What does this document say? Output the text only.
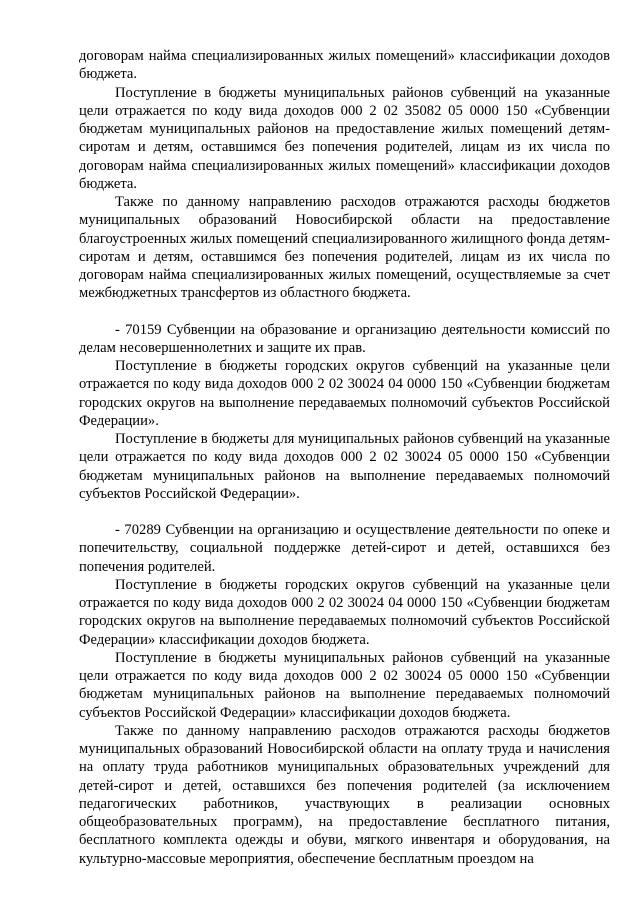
договорам найма специализированных жилых помещений» классификации доходов бюджета.

Поступление в бюджеты муниципальных районов субвенций на указанные цели отражается по коду вида доходов 000 2 02 35082 05 0000 150 «Субвенции бюджетам муниципальных районов на предоставление жилых помещений детям-сиротам и детям, оставшимся без попечения родителей, лицам из их числа по договорам найма специализированных жилых помещений» классификации доходов бюджета.

Также по данному направлению расходов отражаются расходы бюджетов муниципальных образований Новосибирской области на предоставление благоустроенных жилых помещений специализированного жилищного фонда детям-сиротам и детям, оставшимся без попечения родителей, лицам из их числа по договорам найма специализированных жилых помещений, осуществляемые за счет межбюджетных трансфертов из областного бюджета.

- 70159 Субвенции на образование и организацию деятельности комиссий по делам несовершеннолетних и защите их прав.

Поступление в бюджеты городских округов субвенций на указанные цели отражается по коду вида доходов 000 2 02 30024 04 0000 150 «Субвенции бюджетам городских округов на выполнение передаваемых полномочий субъектов Российской Федерации».

Поступление в бюджеты для муниципальных районов субвенций на указанные цели отражается по коду вида доходов 000 2 02 30024 05 0000 150 «Субвенции бюджетам муниципальных районов на выполнение передаваемых полномочий субъектов Российской Федерации».

- 70289 Субвенции на организацию и осуществление деятельности по опеке и попечительству, социальной поддержке детей-сирот и детей, оставшихся без попечения родителей.

Поступление в бюджеты городских округов субвенций на указанные цели отражается по коду вида доходов 000 2 02 30024 04 0000 150 «Субвенции бюджетам городских округов на выполнение передаваемых полномочий субъектов Российской Федерации» классификации доходов бюджета.

Поступление в бюджеты муниципальных районов субвенций на указанные цели отражается по коду вида доходов 000 2 02 30024 05 0000 150 «Субвенции бюджетам муниципальных районов на выполнение передаваемых полномочий субъектов Российской Федерации» классификации доходов бюджета.

Также по данному направлению расходов отражаются расходы бюджетов муниципальных образований Новосибирской области на оплату труда и начисления на оплату труда работников муниципальных образовательных учреждений для детей-сирот и детей, оставшихся без попечения родителей (за исключением педагогических работников, участвующих в реализации основных общеобразовательных программ), на предоставление бесплатного питания, бесплатного комплекта одежды и обуви, мягкого инвентаря и оборудования, на культурно-массовые мероприятия, обеспечение бесплатным проездом на
